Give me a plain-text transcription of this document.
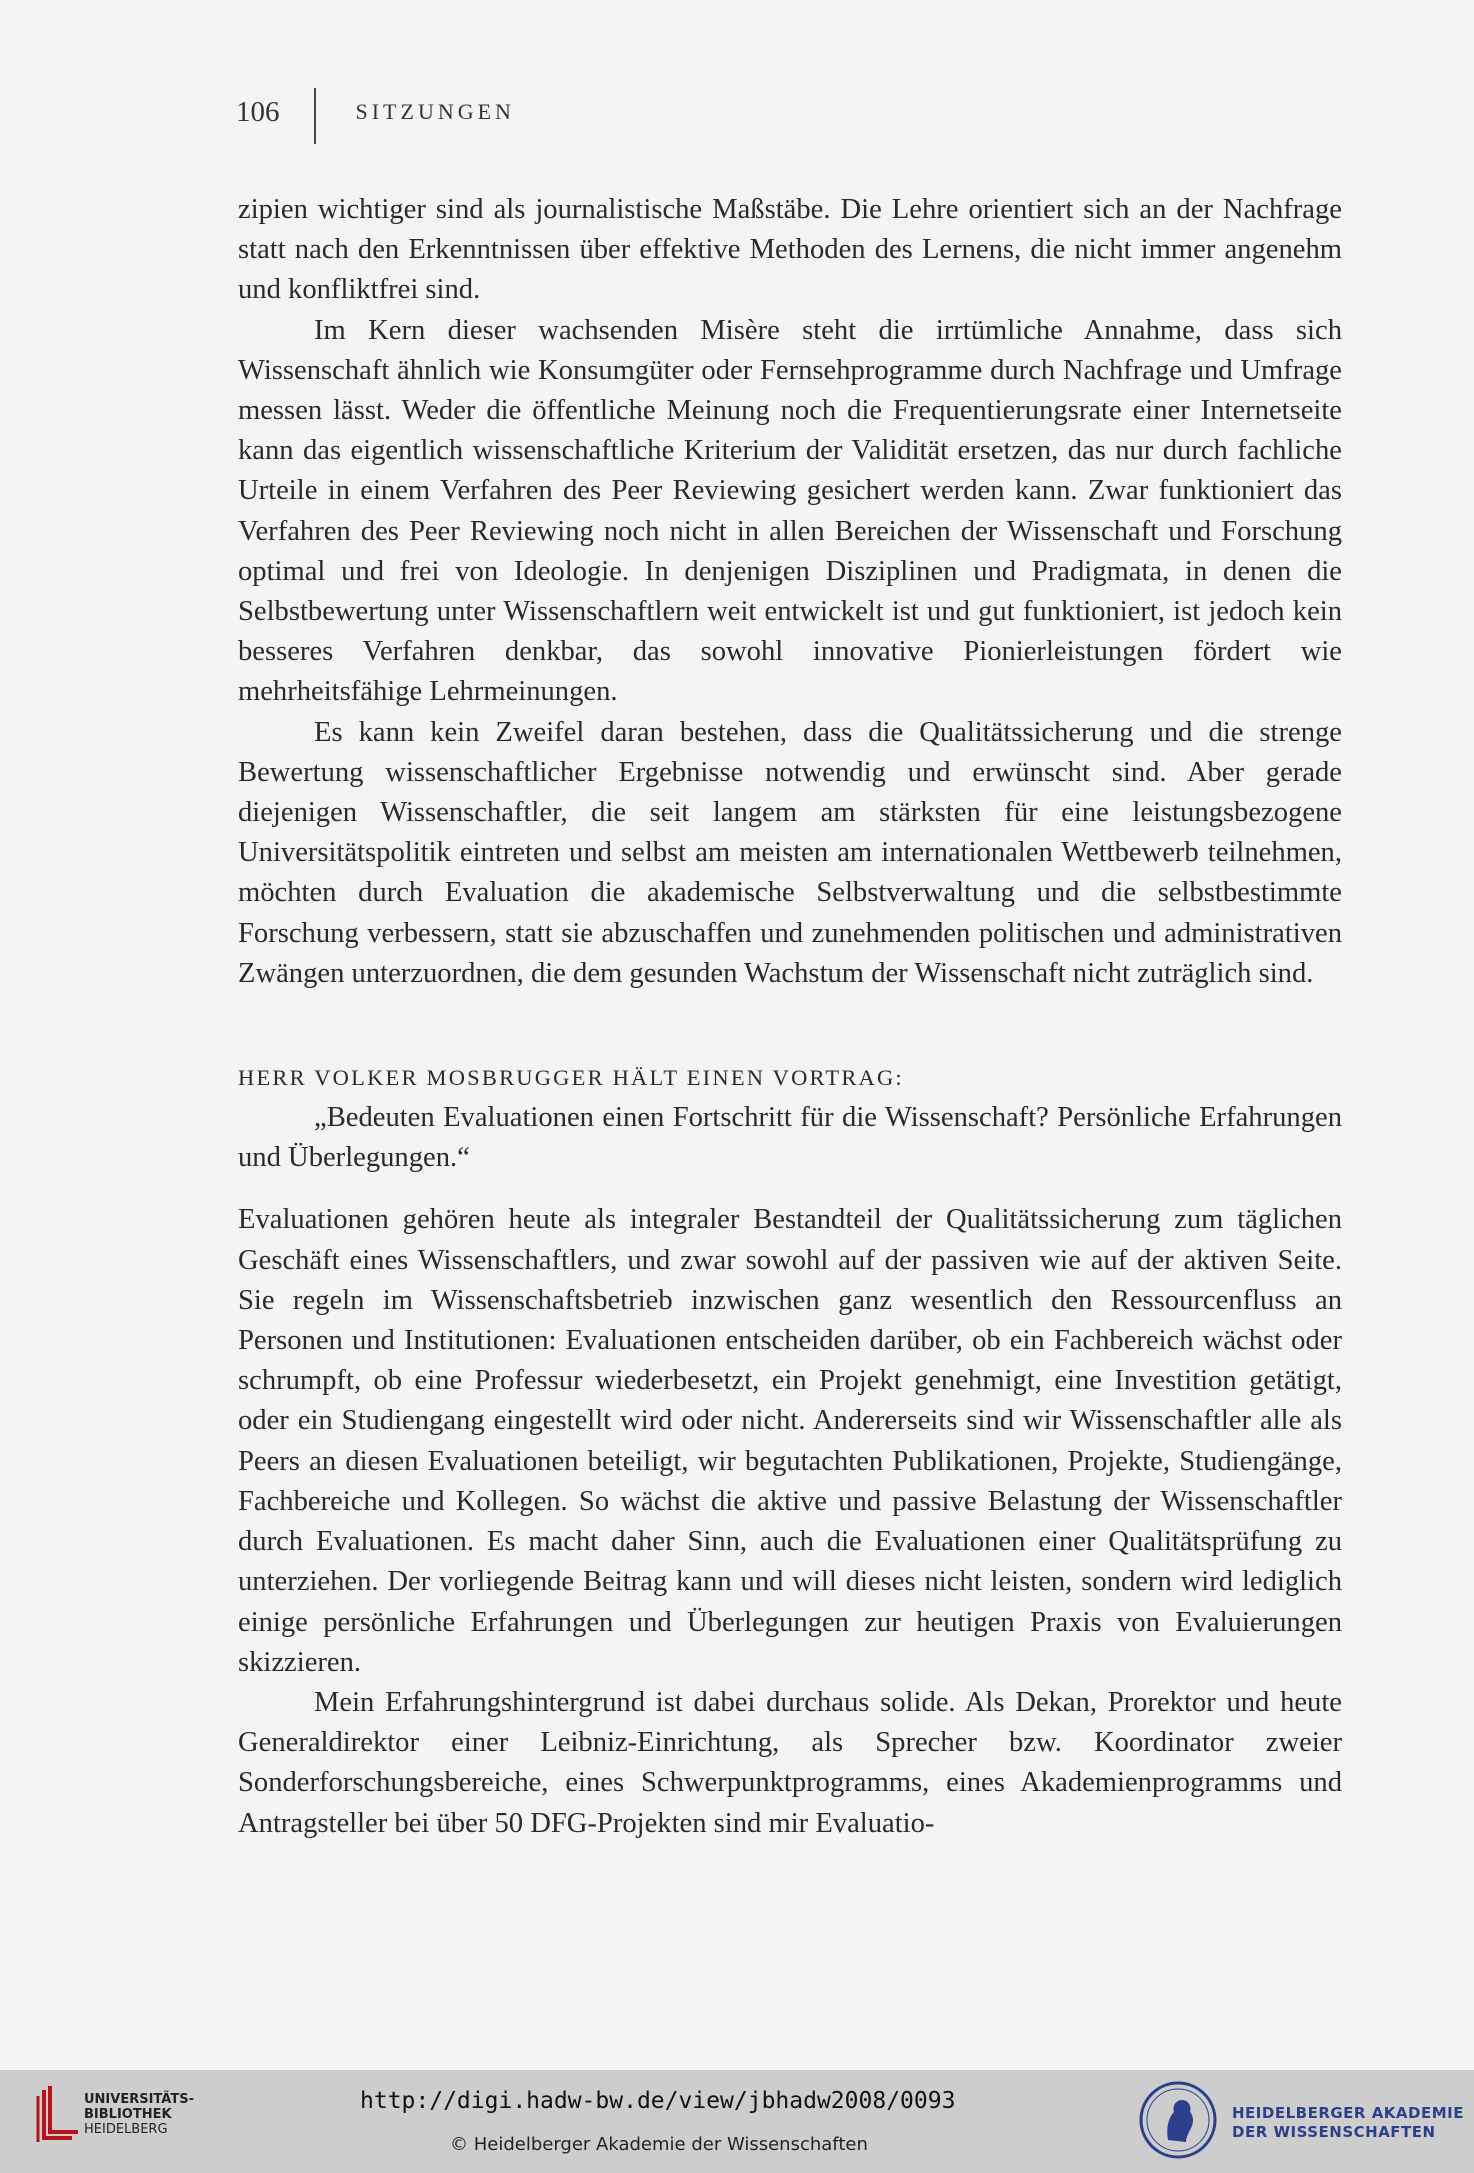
106	SITZUNGEN

zipien wichtiger sind als journalistische Maßstäbe. Die Lehre orientiert sich an der Nachfrage statt nach den Erkenntnissen über effektive Methoden des Lernens, die nicht immer angenehm und konfliktfrei sind.

Im Kern dieser wachsenden Misère steht die irrtümliche Annahme, dass sich Wissenschaft ähnlich wie Konsumgüter oder Fernsehprogramme durch Nachfrage und Umfrage messen lässt. Weder die öffentliche Meinung noch die Frequentierungsrate einer Internetseite kann das eigentlich wissenschaftliche Kriterium der Validität ersetzen, das nur durch fachliche Urteile in einem Verfahren des Peer Reviewing gesichert werden kann. Zwar funktioniert das Verfahren des Peer Reviewing noch nicht in allen Bereichen der Wissenschaft und Forschung optimal und frei von Ideologie. In denjenigen Disziplinen und Pradigmata, in denen die Selbstbewertung unter Wissenschaftlern weit entwickelt ist und gut funktioniert, ist jedoch kein besseres Verfahren denkbar, das sowohl innovative Pionierleistungen fördert wie mehrheitsfähige Lehrmeinungen.

Es kann kein Zweifel daran bestehen, dass die Qualitätssicherung und die strenge Bewertung wissenschaftlicher Ergebnisse notwendig und erwünscht sind. Aber gerade diejenigen Wissenschaftler, die seit langem am stärksten für eine leistungsbezogene Universitätspolitik eintreten und selbst am meisten am internationalen Wettbewerb teilnehmen, möchten durch Evaluation die akademische Selbstverwaltung und die selbstbestimmte Forschung verbessern, statt sie abzuschaffen und zunehmenden politischen und administrativen Zwängen unterzuordnen, die dem gesunden Wachstum der Wissenschaft nicht zuträglich sind.

HERR VOLKER MOSBRUGGER HÄLT EINEN VORTRAG:

„Bedeuten Evaluationen einen Fortschritt für die Wissenschaft? Persönliche Erfahrungen und Überlegungen.“

Evaluationen gehören heute als integraler Bestandteil der Qualitätssicherung zum täglichen Geschäft eines Wissenschaftlers, und zwar sowohl auf der passiven wie auf der aktiven Seite. Sie regeln im Wissenschaftsbetrieb inzwischen ganz wesentlich den Ressourcenfluss an Personen und Institutionen: Evaluationen entscheiden darüber, ob ein Fachbereich wächst oder schrumpft, ob eine Professur wiederbesetzt, ein Projekt genehmigt, eine Investition getätigt, oder ein Studiengang eingestellt wird oder nicht. Andererseits sind wir Wissenschaftler alle als Peers an diesen Evaluationen beteiligt, wir begutachten Publikationen, Projekte, Studiengänge, Fachbereiche und Kollegen. So wächst die aktive und passive Belastung der Wissenschaftler durch Evaluationen. Es macht daher Sinn, auch die Evaluationen einer Qualitätsprüfung zu unterziehen. Der vorliegende Beitrag kann und will dieses nicht leisten, sondern wird lediglich einige persönliche Erfahrungen und Überlegungen zur heutigen Praxis von Evaluierungen skizzieren.

Mein Erfahrungshintergrund ist dabei durchaus solide. Als Dekan, Prorektor und heute Generaldirektor einer Leibniz-Einrichtung, als Sprecher bzw. Koordinator zweier Sonderforschungsbereiche, eines Schwerpunktprogramms, eines Akademienprogramms und Antragsteller bei über 50 DFG-Projekten sind mir Evaluatio-

UNIVERSITÄTS-
BIBLIOTHEK
HEIDELBERG
http://digi.hadw-bw.de/view/jbhadw2008/0093
© Heidelberger Akademie der Wissenschaften
HEIDELBERGER AKADEMIE
DER WISSENSCHAFTEN
